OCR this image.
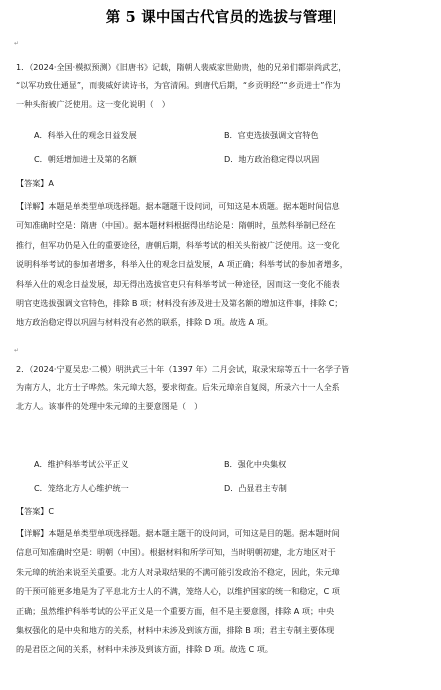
第 5 课中国古代官员的选拔与管理
↵
1．（2024·全国·模拟预测）《旧唐书》记载，隋朝人裴威家世勋贵，他的兄弟们都崇尚武艺，
“以军功致仕通显”，而裴威好读诗书，为官清闲。到唐代后期，“乡贡明经”“乡贡进士”作为
一种头衔被广泛使用。这一变化说明（　）
A．科举入仕的观念日益发展	B．官吏选拔强调文官特色
C．朝廷增加进士及第的名额	D．地方政治稳定得以巩固
【答案】A
【详解】本题是单类型单项选择题。据本题题干设问词，可知这是本质题。据本题时间信息
可知准确时空是：隋唐（中国）。据本题材料根据得出结论是：隋朝时，虽然科举制已经在
推行，但军功仍是入仕的重要途径，唐朝后期，科举考试的相关头衔被广泛使用。这一变化
说明科举考试的参加者增多，科举入仕的观念日益发展，A 项正确；科举考试的参加者增多，
科举入仕的观念日益发展，却无得出选拔官吏只有科举考试一种途径，因而这一变化不能表
明官吏选拔强调文官特色，排除 B 项；材料没有涉及进士及第名额的增加这件事，排除 C；
地方政治稳定得以巩固与材料没有必然的联系，排除 D 项。故选 A 项。
↵
2．（2024·宁夏吴忠·二模）明洪武三十年（1397 年）二月会试，取录宋琮等五十一名学子皆
为南方人，北方士子哗然。朱元璋大怒，要求彻查。后朱元璋亲自复阅，所录六十一人全系
北方人。该事件的处理中朱元璋的主要意图是（　）
A．维护科举考试公平正义	B．强化中央集权
C．笼络北方人心维护统一	D．凸显君主专制
【答案】C
【详解】本题是单类型单项选择题。据本题主题干的设问词，可知这是目的题。据本题时间
信息可知准确时空是：明朝（中国）。根据材料和所学可知，当时明朝初建，北方地区对于
朱元璋的统治来说至关重要。北方人对录取结果的不满可能引发政治不稳定，因此，朱元璋
的干预可能更多地是为了平息北方士人的不满，笼络人心，以维护国家的统一和稳定，C 项
正确；虽然维护科举考试的公平正义是一个重要方面，但不是主要意图，排除 A 项；中央
集权强化的是中央和地方的关系，材料中未涉及到该方面，排除 B 项；君主专制主要体现
的是君臣之间的关系，材料中未涉及到该方面，排除 D 项。故选 C 项。
